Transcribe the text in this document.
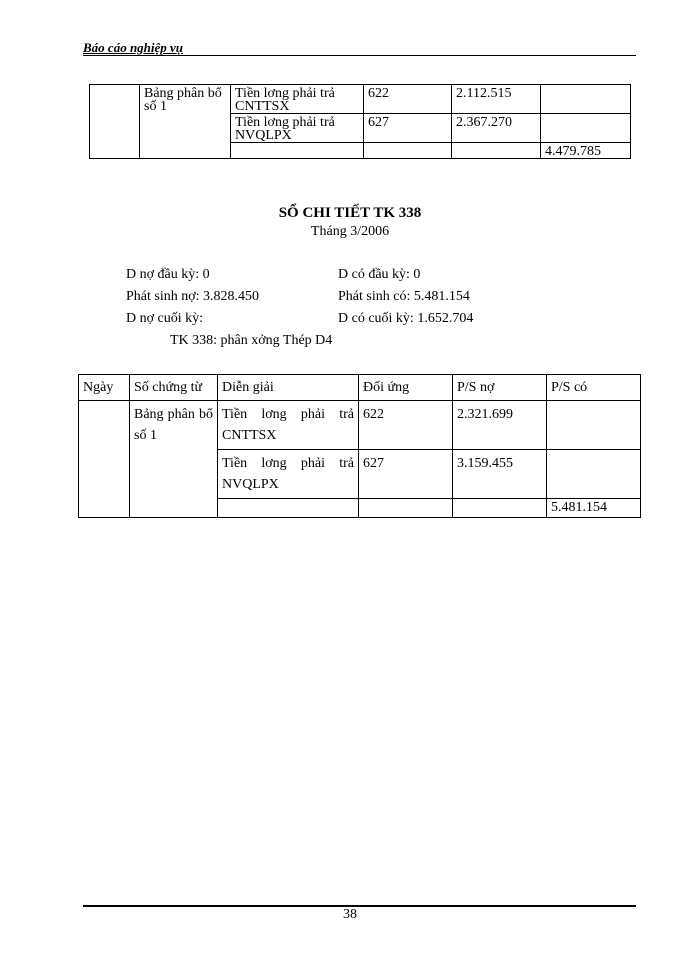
Báo cáo nghiệp vụ
	Bảng phân bổ số 1	Tiền lơng phải trả CNTTSX	622	2.112.515	
		Tiền lơng phải trả NVQLPX	627	2.367.270	
					4.479.785
SỔ CHI TIẾT TK 338
Tháng 3/2006
D nợ đầu kỳ: 0	D có đầu kỳ: 0
Phát sinh nợ: 3.828.450	Phát sinh có: 5.481.154
D nợ cuối kỳ:	D có cuối kỳ: 1.652.704
TK 338: phân xởng Thép D4
Ngày	Số chứng từ	Diễn giải	Đối ứng	P/S nợ	P/S có
	Bảng phân bổ số 1	Tiền lơng phải trả CNTTSX	622	2.321.699	
		Tiền lơng phải trả NVQLPX	627	3.159.455	
					5.481.154
38
